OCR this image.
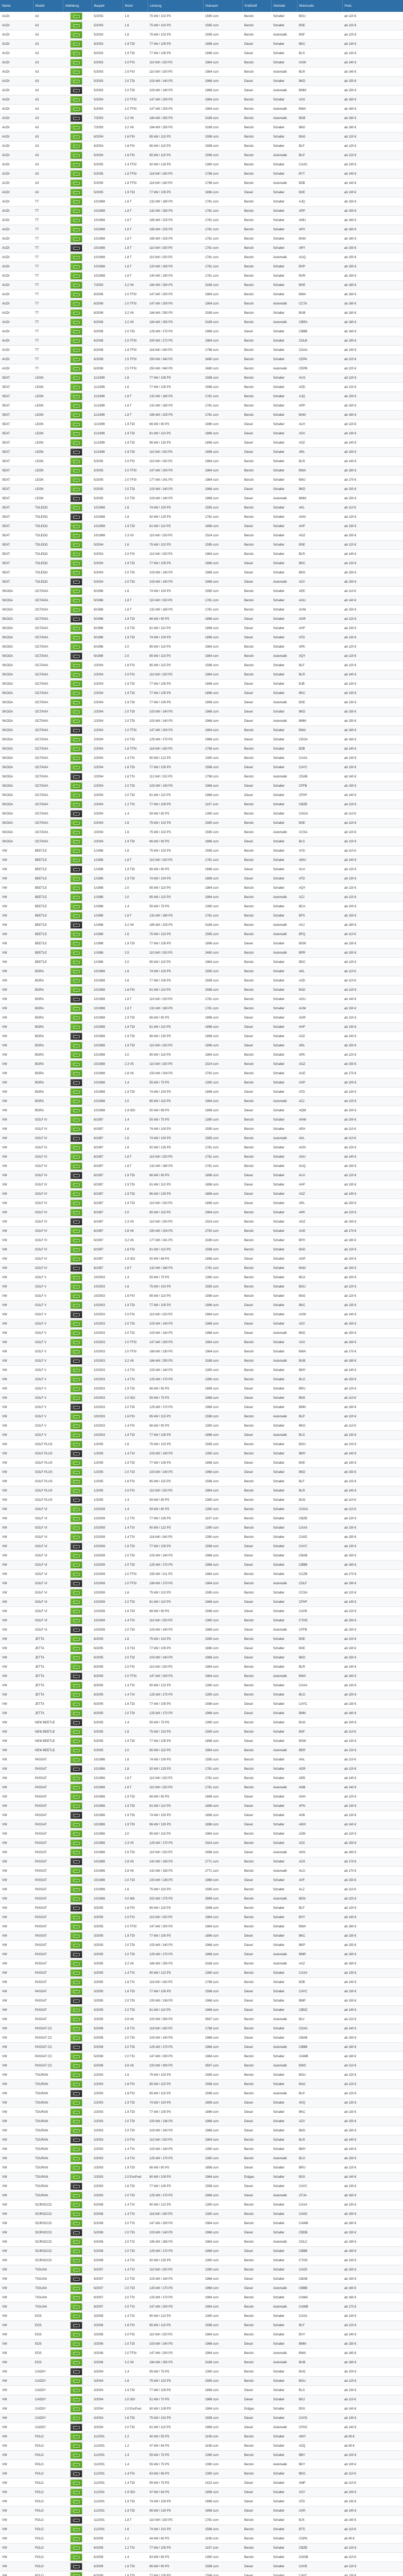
Marke	Modell	Abbildung	Baujahr	Motor	Leistung	Hubraum	Kraftstoff	Getriebe	Motorcode	Preis
AUDI	A3		5/2003	1.6	75 kW / 102 PS	1595 ccm	Benzin	Schalter	BGU	ab 120 €
AUDI	A3		5/2003	1.6	75 kW / 102 PS	1595 ccm	Benzin	Schalter	BSE	ab 120 €
AUDI	A3		5/2003	1.6	75 kW / 102 PS	1595 ccm	Benzin	Automatik	BSF	ab 120 €
AUDI	A3		9/2003	1.9 TDI	77 kW / 105 PS	1896 ccm	Diesel	Schalter	BKC	ab 130 €
AUDI	A3		9/2003	1.9 TDI	77 kW / 105 PS	1896 ccm	Diesel	Schalter	BLS	ab 130 €
AUDI	A3		5/2003	2.0 FSI	110 kW / 150 PS	1984 ccm	Benzin	Schalter	AXW	ab 140 €
AUDI	A3		5/2003	2.0 FSI	110 kW / 150 PS	1984 ccm	Benzin	Automatik	BLR	ab 140 €
AUDI	A3		5/2003	2.0 TDI	103 kW / 140 PS	1968 ccm	Diesel	Schalter	BKD	ab 150 €
AUDI	A3		5/2003	2.0 TDI	103 kW / 140 PS	1968 ccm	Diesel	Automatik	BMM	ab 150 €
AUDI	A3		5/2004	2.0 TFSI	147 kW / 200 PS	1984 ccm	Benzin	Schalter	AXX	ab 160 €
AUDI	A3		5/2004	2.0 TFSI	147 kW / 200 PS	1984 ccm	Benzin	Automatik	BWA	ab 160 €
AUDI	A3		7/2003	3.2 V6	184 kW / 250 PS	3189 ccm	Benzin	Automatik	BDB	ab 180 €
AUDI	A3		7/2003	3.2 V6	184 kW / 250 PS	3189 ccm	Benzin	Schalter	BMJ	ab 180 €
AUDI	A3		6/2004	1.6 FSI	85 kW / 115 PS	1598 ccm	Benzin	Schalter	BAG	ab 120 €
AUDI	A3		6/2004	1.6 FSI	85 kW / 115 PS	1598 ccm	Benzin	Schalter	BLF	ab 120 €
AUDI	A3		6/2004	1.6 FSI	85 kW / 115 PS	1598 ccm	Benzin	Automatik	BLP	ab 120 €
AUDI	A3		5/2005	1.4 TFSI	92 kW / 125 PS	1390 ccm	Benzin	Schalter	CAXC	ab 130 €
AUDI	A3		5/2005	1.8 TFSI	118 kW / 160 PS	1798 ccm	Benzin	Schalter	BYT	ab 140 €
AUDI	A3		5/2005	1.8 TFSI	118 kW / 160 PS	1798 ccm	Benzin	Automatik	BZB	ab 140 €
AUDI	A3		5/2005	1.9 TDI	77 kW / 105 PS	1896 ccm	Diesel	Schalter	BXE	ab 130 €
AUDI	TT		10/1998	1.8 T	132 kW / 180 PS	1781 ccm	Benzin	Schalter	AJQ	ab 150 €
AUDI	TT		10/1998	1.8 T	132 kW / 180 PS	1781 ccm	Benzin	Schalter	APP	ab 150 €
AUDI	TT		10/1998	1.8 T	165 kW / 225 PS	1781 ccm	Benzin	Schalter	AMU	ab 160 €
AUDI	TT		10/1998	1.8 T	165 kW / 225 PS	1781 ccm	Benzin	Schalter	APX	ab 160 €
AUDI	TT		10/1998	1.8 T	165 kW / 225 PS	1781 ccm	Benzin	Schalter	BAM	ab 160 €
AUDI	TT		10/1998	1.8 T	110 kW / 150 PS	1781 ccm	Benzin	Schalter	ARY	ab 150 €
AUDI	TT		10/1998	1.8 T	110 kW / 150 PS	1781 ccm	Benzin	Automatik	AUQ	ab 150 €
AUDI	TT		10/1998	1.8 T	120 kW / 163 PS	1781 ccm	Benzin	Schalter	BVP	ab 150 €
AUDI	TT		10/1998	1.8 T	140 kW / 190 PS	1781 ccm	Benzin	Schalter	BVR	ab 150 €
AUDI	TT		7/2003	3.2 V6	184 kW / 250 PS	3189 ccm	Benzin	Schalter	BHE	ab 180 €
AUDI	TT		8/2006	2.0 TFSI	147 kW / 200 PS	1984 ccm	Benzin	Schalter	BWA	ab 160 €
AUDI	TT		8/2006	2.0 TFSI	147 kW / 200 PS	1984 ccm	Benzin	Automatik	CCTA	ab 160 €
AUDI	TT		8/2006	3.2 V6	184 kW / 250 PS	3189 ccm	Benzin	Schalter	BUB	ab 180 €
AUDI	TT		8/2006	3.2 V6	184 kW / 250 PS	3189 ccm	Benzin	Automatik	CBRA	ab 180 €
AUDI	TT		6/2008	2.0 TDI	125 kW / 170 PS	1968 ccm	Diesel	Schalter	CBBB	ab 160 €
AUDI	TT		6/2008	2.0 TFSI	200 kW / 272 PS	1984 ccm	Benzin	Schalter	CDLB	ab 190 €
AUDI	TT		6/2008	1.8 TFSI	118 kW / 160 PS	1798 ccm	Benzin	Schalter	CDAA	ab 140 €
AUDI	TT		6/2008	2.5 TFSI	250 kW / 340 PS	2480 ccm	Benzin	Schalter	CEPA	ab 220 €
AUDI	TT		6/2008	2.5 TFSI	250 kW / 340 PS	2480 ccm	Benzin	Automatik	CEPB	ab 220 €
SEAT	LEON		11/1999	1.6	77 kW / 105 PS	1598 ccm	Benzin	Schalter	AUS	ab 120 €
SEAT	LEON		11/1999	1.6	77 kW / 105 PS	1598 ccm	Benzin	Schalter	AZD	ab 120 €
SEAT	LEON		11/1999	1.8 T	132 kW / 180 PS	1781 ccm	Benzin	Schalter	AJQ	ab 150 €
SEAT	LEON		11/1999	1.8 T	132 kW / 180 PS	1781 ccm	Benzin	Schalter	APP	ab 150 €
SEAT	LEON		11/1999	1.8 T	165 kW / 225 PS	1781 ccm	Benzin	Schalter	BAM	ab 160 €
SEAT	LEON		11/1999	1.9 TDI	66 kW / 90 PS	1896 ccm	Diesel	Schalter	ALH	ab 120 €
SEAT	LEON		11/1999	1.9 TDI	81 kW / 110 PS	1896 ccm	Diesel	Schalter	ASV	ab 130 €
SEAT	LEON		11/1999	1.9 TDI	96 kW / 130 PS	1896 ccm	Diesel	Schalter	ASZ	ab 140 €
SEAT	LEON		11/1999	1.9 TDI	110 kW / 150 PS	1896 ccm	Diesel	Schalter	ARL	ab 150 €
SEAT	LEON		5/2005	2.0 FSI	110 kW / 150 PS	1984 ccm	Benzin	Schalter	BLR	ab 140 €
SEAT	LEON		5/2005	2.0 TFSI	147 kW / 200 PS	1984 ccm	Benzin	Schalter	BWA	ab 160 €
SEAT	LEON		5/2005	2.0 TFSI	177 kW / 241 PS	1984 ccm	Benzin	Schalter	BWJ	ab 170 €
SEAT	LEON		5/2005	2.0 TDI	103 kW / 140 PS	1968 ccm	Diesel	Schalter	BKD	ab 150 €
SEAT	LEON		5/2005	2.0 TDI	103 kW / 140 PS	1968 ccm	Diesel	Automatik	BMM	ab 150 €
SEAT	TOLEDO		10/1998	1.6	74 kW / 100 PS	1595 ccm	Benzin	Schalter	AKL	ab 110 €
SEAT	TOLEDO		10/1998	1.8	92 kW / 125 PS	1781 ccm	Benzin	Schalter	AGN	ab 120 €
SEAT	TOLEDO		10/1998	1.9 TDI	81 kW / 110 PS	1896 ccm	Diesel	Schalter	AHF	ab 130 €
SEAT	TOLEDO		10/1998	2.3 V5	110 kW / 150 PS	2324 ccm	Benzin	Schalter	AGZ	ab 150 €
SEAT	TOLEDO		5/2004	1.6	75 kW / 102 PS	1595 ccm	Benzin	Schalter	BSE	ab 120 €
SEAT	TOLEDO		5/2004	2.0 FSI	110 kW / 150 PS	1984 ccm	Benzin	Schalter	BLR	ab 140 €
SEAT	TOLEDO		5/2004	1.9 TDI	77 kW / 105 PS	1896 ccm	Diesel	Schalter	BKC	ab 130 €
SEAT	TOLEDO		5/2004	2.0 TDI	103 kW / 140 PS	1968 ccm	Diesel	Schalter	BKD	ab 150 €
SEAT	TOLEDO		5/2004	2.0 TDI	103 kW / 140 PS	1968 ccm	Diesel	Automatik	AZV	ab 150 €
SKODA	OCTAVIA		9/1996	1.6	74 kW / 100 PS	1595 ccm	Benzin	Schalter	AEE	ab 110 €
SKODA	OCTAVIA		9/1996	1.8 T	110 kW / 150 PS	1781 ccm	Benzin	Schalter	AGU	ab 140 €
SKODA	OCTAVIA		9/1996	1.8 T	132 kW / 180 PS	1781 ccm	Benzin	Schalter	AUM	ab 150 €
SKODA	OCTAVIA		9/1996	1.9 TDI	66 kW / 90 PS	1896 ccm	Diesel	Schalter	AGR	ab 120 €
SKODA	OCTAVIA		9/1996	1.9 TDI	81 kW / 110 PS	1896 ccm	Diesel	Schalter	AHF	ab 130 €
SKODA	OCTAVIA		9/1996	1.9 TDI	74 kW / 100 PS	1896 ccm	Diesel	Schalter	ATD	ab 130 €
SKODA	OCTAVIA		9/1996	2.0	85 kW / 115 PS	1984 ccm	Benzin	Schalter	APK	ab 120 €
SKODA	OCTAVIA		9/1996	2.0	85 kW / 115 PS	1984 ccm	Benzin	Automatik	AQY	ab 120 €
SKODA	OCTAVIA		2/2004	1.6 FSI	85 kW / 115 PS	1598 ccm	Benzin	Schalter	BLF	ab 120 €
SKODA	OCTAVIA		2/2004	2.0 FSI	110 kW / 150 PS	1984 ccm	Benzin	Schalter	BLR	ab 140 €
SKODA	OCTAVIA		2/2004	1.9 TDI	77 kW / 105 PS	1896 ccm	Diesel	Schalter	BJB	ab 130 €
SKODA	OCTAVIA		2/2004	1.9 TDI	77 kW / 105 PS	1896 ccm	Diesel	Schalter	BKC	ab 130 €
SKODA	OCTAVIA		2/2004	1.9 TDI	77 kW / 105 PS	1896 ccm	Diesel	Automatik	BXE	ab 130 €
SKODA	OCTAVIA		2/2004	2.0 TDI	103 kW / 140 PS	1968 ccm	Diesel	Schalter	BKD	ab 150 €
SKODA	OCTAVIA		2/2004	2.0 TDI	103 kW / 140 PS	1968 ccm	Diesel	Automatik	BMM	ab 150 €
SKODA	OCTAVIA		2/2004	2.0 TFSI	147 kW / 200 PS	1984 ccm	Benzin	Schalter	BWA	ab 160 €
SKODA	OCTAVIA		2/2004	2.0 TDI	125 kW / 170 PS	1968 ccm	Diesel	Schalter	CEGA	ab 160 €
SKODA	OCTAVIA		2/2004	1.8 TFSI	118 kW / 160 PS	1798 ccm	Benzin	Schalter	BZB	ab 140 €
SKODA	OCTAVIA		2/2004	1.4 TSI	90 kW / 122 PS	1390 ccm	Benzin	Schalter	CAXA	ab 130 €
SKODA	OCTAVIA		2/2004	1.6 TDI	77 kW / 105 PS	1598 ccm	Diesel	Schalter	CAYC	ab 130 €
SKODA	OCTAVIA		2/2004	1.8 TSI	112 kW / 152 PS	1798 ccm	Benzin	Automatik	CDAB	ab 140 €
SKODA	OCTAVIA		2/2004	2.0 TDI	103 kW / 140 PS	1968 ccm	Diesel	Schalter	CFFB	ab 150 €
SKODA	OCTAVIA		2/2004	2.0 TDI	81 kW / 110 PS	1968 ccm	Diesel	Schalter	CFHF	ab 140 €
SKODA	OCTAVIA		2/2004	1.2 TSI	77 kW / 105 PS	1197 ccm	Benzin	Schalter	CBZB	ab 120 €
SKODA	OCTAVIA		2/2004	1.4	59 kW / 80 PS	1390 ccm	Benzin	Schalter	CGGA	ab 110 €
SKODA	OCTAVIA		2/2004	1.6	75 kW / 102 PS	1595 ccm	Benzin	Schalter	BSE	ab 120 €
SKODA	OCTAVIA		2/2004	1.6	75 kW / 102 PS	1595 ccm	Benzin	Automatik	CCSA	ab 120 €
SKODA	OCTAVIA		2/2004	1.9 TDI	66 kW / 90 PS	1896 ccm	Diesel	Schalter	BLS	ab 120 €
VW	BEETLE		1/1998	1.6	75 kW / 102 PS	1595 ccm	Benzin	Schalter	AYD	ab 110 €
VW	BEETLE		1/1998	1.8 T	110 kW / 150 PS	1781 ccm	Benzin	Schalter	AWU	ab 140 €
VW	BEETLE		1/1998	1.9 TDI	66 kW / 90 PS	1896 ccm	Diesel	Schalter	ALH	ab 120 €
VW	BEETLE		1/1998	1.9 TDI	74 kW / 100 PS	1896 ccm	Diesel	Schalter	ATD	ab 130 €
VW	BEETLE		1/1998	2.0	85 kW / 115 PS	1984 ccm	Benzin	Schalter	AQY	ab 120 €
VW	BEETLE		1/1998	2.0	85 kW / 115 PS	1984 ccm	Benzin	Automatik	AZJ	ab 120 €
VW	BEETLE		1/1998	1.4	55 kW / 75 PS	1390 ccm	Benzin	Schalter	BCA	ab 100 €
VW	BEETLE		1/1998	1.8 T	132 kW / 180 PS	1781 ccm	Benzin	Schalter	BFS	ab 150 €
VW	BEETLE		1/1998	3.2 V6	165 kW / 225 PS	3189 ccm	Benzin	Automatik	AXJ	ab 180 €
VW	BEETLE		1/1998	1.6	75 kW / 102 PS	1595 ccm	Benzin	Automatik	BFQ	ab 110 €
VW	BEETLE		1/1998	1.9 TDI	77 kW / 105 PS	1896 ccm	Diesel	Schalter	BSW	ab 130 €
VW	BEETLE		1/1998	2.5	110 kW / 150 PS	2480 ccm	Benzin	Automatik	BPR	ab 150 €
VW	BEETLE		1/1998	2.0	85 kW / 115 PS	1984 ccm	Benzin	Schalter	BDC	ab 120 €
VW	BORA		10/1998	1.6	74 kW / 100 PS	1595 ccm	Benzin	Schalter	AKL	ab 110 €
VW	BORA		10/1998	1.6	77 kW / 105 PS	1598 ccm	Benzin	Schalter	AZD	ab 110 €
VW	BORA		10/1998	1.6 FSI	81 kW / 110 PS	1598 ccm	Benzin	Schalter	BAD	ab 120 €
VW	BORA		10/1998	1.8 T	110 kW / 150 PS	1781 ccm	Benzin	Schalter	AGU	ab 140 €
VW	BORA		10/1998	1.8 T	132 kW / 180 PS	1781 ccm	Benzin	Schalter	AUM	ab 150 €
VW	BORA		10/1998	1.9 TDI	66 kW / 90 PS	1896 ccm	Diesel	Schalter	AGR	ab 120 €
VW	BORA		10/1998	1.9 TDI	81 kW / 110 PS	1896 ccm	Diesel	Schalter	AHF	ab 130 €
VW	BORA		10/1998	1.9 TDI	96 kW / 130 PS	1896 ccm	Diesel	Schalter	ASZ	ab 140 €
VW	BORA		10/1998	1.9 TDI	110 kW / 150 PS	1896 ccm	Diesel	Schalter	ARL	ab 150 €
VW	BORA		10/1998	2.0	85 kW / 115 PS	1984 ccm	Benzin	Schalter	APK	ab 120 €
VW	BORA		10/1998	2.3 V5	110 kW / 150 PS	2324 ccm	Benzin	Schalter	AGZ	ab 150 €
VW	BORA		10/1998	2.8 V6	150 kW / 204 PS	2792 ccm	Benzin	Schalter	AUE	ab 170 €
VW	BORA		10/1998	1.4	55 kW / 75 PS	1390 ccm	Benzin	Schalter	AXP	ab 100 €
VW	BORA		10/1998	1.9 TDI	74 kW / 100 PS	1896 ccm	Diesel	Schalter	ATD	ab 130 €
VW	BORA		10/1998	2.0	85 kW / 115 PS	1984 ccm	Benzin	Automatik	AZJ	ab 120 €
VW	BORA		10/1998	1.9 SDI	50 kW / 68 PS	1896 ccm	Diesel	Schalter	AQM	ab 100 €
VW	GOLF IV		8/1997	1.4	55 kW / 75 PS	1390 ccm	Benzin	Schalter	AHW	ab 100 €
VW	GOLF IV		8/1997	1.6	74 kW / 100 PS	1595 ccm	Benzin	Schalter	AEH	ab 110 €
VW	GOLF IV		8/1997	1.6	74 kW / 100 PS	1595 ccm	Benzin	Automatik	AKL	ab 110 €
VW	GOLF IV		8/1997	1.8	92 kW / 125 PS	1781 ccm	Benzin	Schalter	AGN	ab 120 €
VW	GOLF IV		8/1997	1.8 T	110 kW / 150 PS	1781 ccm	Benzin	Schalter	AGU	ab 140 €
VW	GOLF IV		8/1997	1.8 T	132 kW / 180 PS	1781 ccm	Benzin	Schalter	AUQ	ab 150 €
VW	GOLF IV		8/1997	1.9 TDI	66 kW / 90 PS	1896 ccm	Diesel	Schalter	ALH	ab 120 €
VW	GOLF IV		8/1997	1.9 TDI	81 kW / 110 PS	1896 ccm	Diesel	Schalter	AHF	ab 130 €
VW	GOLF IV		8/1997	1.9 TDI	96 kW / 130 PS	1896 ccm	Diesel	Schalter	ASZ	ab 140 €
VW	GOLF IV		8/1997	1.9 TDI	110 kW / 150 PS	1896 ccm	Diesel	Schalter	ARL	ab 150 €
VW	GOLF IV		8/1997	2.0	85 kW / 115 PS	1984 ccm	Benzin	Schalter	APK	ab 120 €
VW	GOLF IV		8/1997	2.3 V5	110 kW / 150 PS	2324 ccm	Benzin	Schalter	AGZ	ab 150 €
VW	GOLF IV		8/1997	2.8 V6	150 kW / 204 PS	2792 ccm	Benzin	Schalter	AUE	ab 170 €
VW	GOLF IV		8/1997	3.2 V6	177 kW / 241 PS	3189 ccm	Benzin	Schalter	BFH	ab 180 €
VW	GOLF IV		8/1997	1.6 FSI	81 kW / 110 PS	1598 ccm	Benzin	Schalter	BAD	ab 120 €
VW	GOLF IV		8/1997	1.9 SDI	50 kW / 68 PS	1896 ccm	Diesel	Schalter	AGP	ab 100 €
VW	GOLF IV		8/1997	1.8 T	132 kW / 180 PS	1781 ccm	Benzin	Schalter	BAM	ab 150 €
VW	GOLF V		10/2003	1.4	55 kW / 75 PS	1390 ccm	Benzin	Schalter	BCA	ab 100 €
VW	GOLF V		10/2003	1.6	75 kW / 102 PS	1595 ccm	Benzin	Schalter	BGU	ab 120 €
VW	GOLF V		10/2003	1.6 FSI	85 kW / 115 PS	1598 ccm	Benzin	Schalter	BAG	ab 120 €
VW	GOLF V		10/2003	1.9 TDI	77 kW / 105 PS	1896 ccm	Diesel	Schalter	BKC	ab 130 €
VW	GOLF V		10/2003	2.0 FSI	110 kW / 150 PS	1984 ccm	Benzin	Schalter	AXW	ab 140 €
VW	GOLF V		10/2003	2.0 TDI	103 kW / 140 PS	1968 ccm	Diesel	Schalter	AZV	ab 150 €
VW	GOLF V		10/2003	2.0 TDI	103 kW / 140 PS	1968 ccm	Diesel	Automatik	BKD	ab 150 €
VW	GOLF V		10/2003	2.0 TFSI	147 kW / 200 PS	1984 ccm	Benzin	Schalter	AXX	ab 160 €
VW	GOLF V		10/2003	2.0 TFSI	169 kW / 230 PS	1984 ccm	Benzin	Schalter	BWA	ab 170 €
VW	GOLF V		10/2003	3.2 V6	184 kW / 250 PS	3189 ccm	Benzin	Automatik	BUB	ab 180 €
VW	GOLF V		10/2003	1.4 TSI	103 kW / 140 PS	1390 ccm	Benzin	Schalter	BMY	ab 140 €
VW	GOLF V		10/2003	1.4 TSI	125 kW / 170 PS	1390 ccm	Benzin	Schalter	BLG	ab 150 €
VW	GOLF V		10/2003	1.9 TDI	66 kW / 90 PS	1896 ccm	Diesel	Schalter	BRU	ab 120 €
VW	GOLF V		10/2003	2.0 SDI	55 kW / 75 PS	1968 ccm	Diesel	Schalter	BDK	ab 110 €
VW	GOLF V		10/2003	2.0 TDI	125 kW / 170 PS	1968 ccm	Diesel	Schalter	BMN	ab 160 €
VW	GOLF V		10/2003	1.6 FSI	85 kW / 115 PS	1598 ccm	Benzin	Automatik	BLP	ab 120 €
VW	GOLF V		10/2003	1.4 FSI	66 kW / 90 PS	1390 ccm	Benzin	Schalter	BKG	ab 110 €
VW	GOLF V		10/2003	1.9 TDI	77 kW / 105 PS	1896 ccm	Diesel	Automatik	BLS	ab 130 €
VW	GOLF PLUS		1/2005	1.6	75 kW / 102 PS	1595 ccm	Benzin	Schalter	BGU	ab 120 €
VW	GOLF PLUS		1/2005	1.4 TSI	103 kW / 140 PS	1390 ccm	Benzin	Schalter	BMY	ab 140 €
VW	GOLF PLUS		1/2005	1.9 TDI	77 kW / 105 PS	1896 ccm	Diesel	Schalter	BXE	ab 130 €
VW	GOLF PLUS		1/2005	2.0 TDI	103 kW / 140 PS	1968 ccm	Diesel	Schalter	BKD	ab 150 €
VW	GOLF PLUS		1/2005	1.6 FSI	85 kW / 115 PS	1598 ccm	Benzin	Schalter	BLF	ab 120 €
VW	GOLF PLUS		1/2005	2.0 FSI	110 kW / 150 PS	1984 ccm	Benzin	Schalter	BLR	ab 140 €
VW	GOLF PLUS		1/2005	1.4	59 kW / 80 PS	1390 ccm	Benzin	Schalter	BUD	ab 110 €
VW	GOLF VI		10/2008	1.4	59 kW / 80 PS	1390 ccm	Benzin	Schalter	CGGA	ab 110 €
VW	GOLF VI		10/2008	1.2 TSI	77 kW / 105 PS	1197 ccm	Benzin	Schalter	CBZB	ab 120 €
VW	GOLF VI		10/2008	1.4 TSI	90 kW / 122 PS	1390 ccm	Benzin	Schalter	CAXA	ab 130 €
VW	GOLF VI		10/2008	1.4 TSI	118 kW / 160 PS	1390 ccm	Benzin	Schalter	CAVD	ab 150 €
VW	GOLF VI		10/2008	1.6 TDI	77 kW / 105 PS	1598 ccm	Diesel	Schalter	CAYC	ab 130 €
VW	GOLF VI		10/2008	2.0 TDI	103 kW / 140 PS	1968 ccm	Diesel	Schalter	CBAB	ab 150 €
VW	GOLF VI		10/2008	2.0 TDI	125 kW / 170 PS	1968 ccm	Diesel	Schalter	CBBB	ab 160 €
VW	GOLF VI		10/2008	2.0 TFSI	155 kW / 211 PS	1984 ccm	Benzin	Schalter	CCZB	ab 170 €
VW	GOLF VI		10/2008	2.0 TFSI	199 kW / 270 PS	1984 ccm	Benzin	Automatik	CDLF	ab 190 €
VW	GOLF VI		10/2008	1.6	75 kW / 102 PS	1595 ccm	Benzin	Schalter	CCSA	ab 120 €
VW	GOLF VI		10/2008	2.0 TDI	81 kW / 110 PS	1968 ccm	Diesel	Schalter	CFHF	ab 140 €
VW	GOLF VI		10/2008	1.6 TDI	66 kW / 90 PS	1598 ccm	Diesel	Schalter	CAYB	ab 120 €
VW	GOLF VI		10/2008	1.4 TSI	110 kW / 150 PS	1390 ccm	Benzin	Schalter	CTHD	ab 150 €
VW	GOLF VI		10/2008	2.0 TDI	103 kW / 140 PS	1968 ccm	Diesel	Automatik	CFFB	ab 150 €
VW	JETTA		8/2005	1.6	75 kW / 102 PS	1595 ccm	Benzin	Schalter	BSE	ab 120 €
VW	JETTA		8/2005	1.9 TDI	77 kW / 105 PS	1896 ccm	Diesel	Schalter	BXE	ab 130 €
VW	JETTA		8/2005	2.0 TDI	103 kW / 140 PS	1968 ccm	Diesel	Schalter	BKD	ab 150 €
VW	JETTA		8/2005	2.0 FSI	110 kW / 150 PS	1984 ccm	Benzin	Schalter	BLR	ab 140 €
VW	JETTA		8/2005	2.0 TFSI	147 kW / 200 PS	1984 ccm	Benzin	Automatik	BWA	ab 160 €
VW	JETTA		8/2005	1.4 TSI	90 kW / 122 PS	1390 ccm	Benzin	Schalter	CAXA	ab 130 €
VW	JETTA		8/2005	1.4 TSI	125 kW / 170 PS	1390 ccm	Benzin	Schalter	BLG	ab 150 €
VW	JETTA		8/2005	1.6 TDI	77 kW / 105 PS	1598 ccm	Diesel	Schalter	CAYC	ab 130 €
VW	JETTA		8/2005	2.0 TDI	125 kW / 170 PS	1968 ccm	Diesel	Schalter	BMN	ab 160 €
VW	NEW BEETLE		5/2005	1.4	55 kW / 75 PS	1390 ccm	Benzin	Schalter	BUD	ab 100 €
VW	NEW BEETLE		5/2005	1.6	75 kW / 102 PS	1595 ccm	Benzin	Schalter	BSF	ab 110 €
VW	NEW BEETLE		5/2005	1.9 TDI	77 kW / 105 PS	1896 ccm	Diesel	Schalter	BSW	ab 130 €
VW	NEW BEETLE		5/2005	2.0	85 kW / 115 PS	1984 ccm	Benzin	Automatik	BER	ab 120 €
VW	PASSAT		10/1996	1.6	74 kW / 100 PS	1595 ccm	Benzin	Schalter	AHL	ab 110 €
VW	PASSAT		10/1996	1.8	92 kW / 125 PS	1781 ccm	Benzin	Schalter	ADR	ab 120 €
VW	PASSAT		10/1996	1.8 T	110 kW / 150 PS	1781 ccm	Benzin	Schalter	AEB	ab 140 €
VW	PASSAT		10/1996	1.8 T	110 kW / 150 PS	1781 ccm	Benzin	Automatik	ANB	ab 140 €
VW	PASSAT		10/1996	1.9 TDI	66 kW / 90 PS	1896 ccm	Diesel	Schalter	AHH	ab 120 €
VW	PASSAT		10/1996	1.9 TDI	81 kW / 110 PS	1896 ccm	Diesel	Schalter	AFN	ab 130 €
VW	PASSAT		10/1996	1.9 TDI	74 kW / 100 PS	1896 ccm	Diesel	Schalter	AVB	ab 130 €
VW	PASSAT		10/1996	1.9 TDI	96 kW / 130 PS	1896 ccm	Diesel	Schalter	AWX	ab 140 €
VW	PASSAT		10/1996	2.0	85 kW / 115 PS	1984 ccm	Benzin	Schalter	AZM	ab 120 €
VW	PASSAT		10/1996	2.3 V5	125 kW / 170 PS	2324 ccm	Benzin	Schalter	AZX	ab 150 €
VW	PASSAT		10/1996	2.5 TDI	110 kW / 150 PS	2496 ccm	Diesel	Automatik	AKN	ab 160 €
VW	PASSAT		10/1996	2.8 V6	142 kW / 193 PS	2771 ccm	Benzin	Schalter	ACK	ab 170 €
VW	PASSAT		10/1996	2.8 V6	142 kW / 193 PS	2771 ccm	Benzin	Automatik	ALG	ab 170 €
VW	PASSAT		10/1996	2.0 TDI	100 kW / 136 PS	1968 ccm	Diesel	Schalter	AVF	ab 150 €
VW	PASSAT		10/1996	1.6	75 kW / 102 PS	1595 ccm	Benzin	Schalter	ALZ	ab 110 €
VW	PASSAT		10/1996	4.0 W8	202 kW / 275 PS	3999 ccm	Benzin	Automatik	BDN	ab 220 €
VW	PASSAT		3/2005	1.6 FSI	85 kW / 115 PS	1598 ccm	Benzin	Schalter	BLF	ab 120 €
VW	PASSAT		3/2005	2.0 FSI	110 kW / 150 PS	1984 ccm	Benzin	Schalter	BVY	ab 140 €
VW	PASSAT		3/2005	2.0 TFSI	147 kW / 200 PS	1984 ccm	Benzin	Schalter	BWA	ab 160 €
VW	PASSAT		3/2005	1.9 TDI	77 kW / 105 PS	1896 ccm	Diesel	Schalter	BKC	ab 130 €
VW	PASSAT		3/2005	2.0 TDI	103 kW / 140 PS	1968 ccm	Diesel	Schalter	BKP	ab 150 €
VW	PASSAT		3/2005	2.0 TDI	125 kW / 170 PS	1968 ccm	Diesel	Automatik	BMR	ab 160 €
VW	PASSAT		3/2005	3.2 V6	184 kW / 250 PS	3168 ccm	Benzin	Automatik	AXZ	ab 180 €
VW	PASSAT		3/2005	1.4 TSI	90 kW / 122 PS	1390 ccm	Benzin	Schalter	CAXA	ab 130 €
VW	PASSAT		3/2005	1.8 TSI	118 kW / 160 PS	1798 ccm	Benzin	Schalter	BZB	ab 140 €
VW	PASSAT		3/2005	1.6 TDI	77 kW / 105 PS	1598 ccm	Diesel	Schalter	CAYC	ab 130 €
VW	PASSAT		3/2005	2.0 TDI	100 kW / 136 PS	1968 ccm	Diesel	Schalter	BMP	ab 150 €
VW	PASSAT		3/2005	2.0 TDI	81 kW / 110 PS	1968 ccm	Diesel	Schalter	CBDC	ab 140 €
VW	PASSAT		3/2005	3.6 V6	220 kW / 300 PS	3597 ccm	Benzin	Automatik	BLV	ab 210 €
VW	PASSAT CC		5/2008	1.8 TSI	118 kW / 160 PS	1798 ccm	Benzin	Schalter	CDAA	ab 140 €
VW	PASSAT CC		5/2008	2.0 TDI	103 kW / 140 PS	1968 ccm	Diesel	Schalter	CBAB	ab 150 €
VW	PASSAT CC		5/2008	2.0 TDI	125 kW / 170 PS	1968 ccm	Diesel	Automatik	CBBB	ab 160 €
VW	PASSAT CC		5/2008	2.0 TSI	147 kW / 200 PS	1984 ccm	Benzin	Schalter	CAWB	ab 160 €
VW	PASSAT CC		5/2008	3.6 V6	220 kW / 300 PS	3597 ccm	Benzin	Automatik	BWS	ab 210 €
VW	TOURAN		2/2003	1.6	75 kW / 102 PS	1595 ccm	Benzin	Schalter	BGU	ab 120 €
VW	TOURAN		2/2003	1.6 FSI	85 kW / 115 PS	1598 ccm	Benzin	Schalter	BAG	ab 120 €
VW	TOURAN		2/2003	1.6 FSI	85 kW / 115 PS	1598 ccm	Benzin	Automatik	BLP	ab 120 €
VW	TOURAN		2/2003	1.9 TDI	74 kW / 100 PS	1896 ccm	Diesel	Schalter	AVQ	ab 130 €
VW	TOURAN		2/2003	1.9 TDI	77 kW / 105 PS	1896 ccm	Diesel	Schalter	BKC	ab 130 €
VW	TOURAN		2/2003	2.0 TDI	100 kW / 136 PS	1968 ccm	Diesel	Schalter	AZV	ab 150 €
VW	TOURAN		2/2003	2.0 TDI	103 kW / 140 PS	1968 ccm	Diesel	Schalter	BKD	ab 150 €
VW	TOURAN		2/2003	2.0 FSI	110 kW / 150 PS	1984 ccm	Benzin	Schalter	BLR	ab 140 €
VW	TOURAN		2/2003	1.4 TSI	103 kW / 140 PS	1390 ccm	Benzin	Schalter	BMY	ab 140 €
VW	TOURAN		2/2003	1.4 TSI	125 kW / 170 PS	1390 ccm	Benzin	Automatik	BLG	ab 150 €
VW	TOURAN		2/2003	1.9 TDI	66 kW / 90 PS	1896 ccm	Diesel	Schalter	BRU	ab 120 €
VW	TOURAN		2/2003	2.0 EcoFuel	80 kW / 109 PS	1984 ccm	Erdgas	Schalter	BSX	ab 140 €
VW	TOURAN		2/2003	1.6 TDI	77 kW / 105 PS	1598 ccm	Diesel	Schalter	CAYC	ab 130 €
VW	TOURAN		2/2003	2.0 TDI	125 kW / 170 PS	1968 ccm	Diesel	Automatik	CFJA	ab 160 €
VW	SCIROCCO		5/2008	1.4 TSI	90 kW / 122 PS	1390 ccm	Benzin	Schalter	CAXA	ab 130 €
VW	SCIROCCO		5/2008	1.4 TSI	118 kW / 160 PS	1390 ccm	Benzin	Schalter	CAVD	ab 150 €
VW	SCIROCCO		5/2008	2.0 TSI	147 kW / 200 PS	1984 ccm	Benzin	Schalter	CAWB	ab 160 €
VW	SCIROCCO		5/2008	2.0 TDI	103 kW / 140 PS	1968 ccm	Diesel	Schalter	CBDB	ab 150 €
VW	SCIROCCO		5/2008	2.0 TSI	195 kW / 265 PS	1984 ccm	Benzin	Automatik	CDLC	ab 190 €
VW	SCIROCCO		5/2008	2.0 TDI	125 kW / 170 PS	1968 ccm	Diesel	Schalter	CBBB	ab 160 €
VW	SCIROCCO		5/2008	1.4 TSI	92 kW / 125 PS	1390 ccm	Benzin	Schalter	CTHD	ab 130 €
VW	TIGUAN		9/2007	1.4 TSI	110 kW / 150 PS	1390 ccm	Benzin	Schalter	CAVD	ab 150 €
VW	TIGUAN		9/2007	2.0 TDI	103 kW / 140 PS	1968 ccm	Diesel	Schalter	CBAB	ab 150 €
VW	TIGUAN		9/2007	2.0 TDI	125 kW / 170 PS	1968 ccm	Diesel	Automatik	CBBB	ab 160 €
VW	TIGUAN		9/2007	2.0 TSI	125 kW / 170 PS	1984 ccm	Benzin	Schalter	CAWA	ab 160 €
VW	TIGUAN		9/2007	2.0 TSI	147 kW / 200 PS	1984 ccm	Benzin	Automatik	CAWB	ab 170 €
VW	EOS		3/2006	1.4 TSI	90 kW / 122 PS	1390 ccm	Benzin	Schalter	CAXA	ab 130 €
VW	EOS		3/2006	1.6 FSI	85 kW / 115 PS	1598 ccm	Benzin	Schalter	BLF	ab 120 €
VW	EOS		3/2006	2.0 FSI	110 kW / 150 PS	1984 ccm	Benzin	Schalter	BVY	ab 140 €
VW	EOS		3/2006	2.0 TDI	103 kW / 140 PS	1968 ccm	Diesel	Schalter	BMM	ab 150 €
VW	EOS		3/2006	2.0 TFSI	147 kW / 200 PS	1984 ccm	Benzin	Automatik	BWA	ab 160 €
VW	EOS		3/2006	3.2 V6	184 kW / 250 PS	3189 ccm	Benzin	Automatik	BUB	ab 180 €
VW	CADDY		3/2004	1.4	55 kW / 75 PS	1390 ccm	Benzin	Schalter	BUD	ab 100 €
VW	CADDY		3/2004	1.6	75 kW / 102 PS	1595 ccm	Benzin	Schalter	BGU	ab 120 €
VW	CADDY		3/2004	1.9 TDI	77 kW / 105 PS	1896 ccm	Diesel	Schalter	BLS	ab 130 €
VW	CADDY		3/2004	2.0 SDI	51 kW / 70 PS	1968 ccm	Diesel	Schalter	BDJ	ab 110 €
VW	CADDY		3/2004	2.0 EcoFuel	80 kW / 109 PS	1984 ccm	Erdgas	Schalter	BSX	ab 140 €
VW	CADDY		3/2004	1.6 TDI	75 kW / 102 PS	1598 ccm	Diesel	Schalter	CAYD	ab 130 €
VW	CADDY		3/2004	2.0 TDI	81 kW / 110 PS	1968 ccm	Diesel	Automatik	CFHC	ab 140 €
VW	POLO		11/2001	1.2	40 kW / 55 PS	1198 ccm	Benzin	Schalter	AWY	ab 90 €
VW	POLO		11/2001	1.2	47 kW / 64 PS	1198 ccm	Benzin	Schalter	AZQ	ab 90 €
VW	POLO		11/2001	1.4	55 kW / 75 PS	1390 ccm	Benzin	Schalter	BBY	ab 100 €
VW	POLO		11/2001	1.4	55 kW / 75 PS	1390 ccm	Benzin	Automatik	BKY	ab 100 €
VW	POLO		11/2001	1.4 FSI	63 kW / 86 PS	1390 ccm	Benzin	Schalter	BKG	ab 110 €
VW	POLO		11/2001	1.4 TDI	55 kW / 75 PS	1422 ccm	Diesel	Schalter	AMF	ab 110 €
VW	POLO		11/2001	1.9 SDI	47 kW / 64 PS	1896 ccm	Diesel	Schalter	ASY	ab 100 €
VW	POLO		11/2001	1.9 TDI	74 kW / 100 PS	1896 ccm	Diesel	Schalter	ATD	ab 130 €
VW	POLO		11/2001	1.9 TDI	96 kW / 130 PS	1896 ccm	Diesel	Schalter	AXR	ab 140 €
VW	POLO		11/2001	1.8 T	110 kW / 150 PS	1781 ccm	Benzin	Schalter	BJX	ab 140 €
VW	POLO		11/2001	1.6	74 kW / 101 PS	1598 ccm	Benzin	Schalter	BTS	ab 110 €
VW	POLO		6/2009	1.2	44 kW / 60 PS	1198 ccm	Benzin	Schalter	CGPA	ab 90 €
VW	POLO		6/2009	1.2 TSI	77 kW / 105 PS	1197 ccm	Benzin	Schalter	CBZB	ab 120 €
VW	POLO		6/2009	1.4	63 kW / 85 PS	1390 ccm	Benzin	Schalter	CGGB	ab 110 €
VW	POLO		6/2009	1.6 TDI	66 kW / 90 PS	1598 ccm	Diesel	Schalter	CAYB	ab 120 €
VW	POLO		6/2009	1.6 TDI	77 kW / 105 PS	1598 ccm	Diesel	Schalter	CAYC	ab 130 €
